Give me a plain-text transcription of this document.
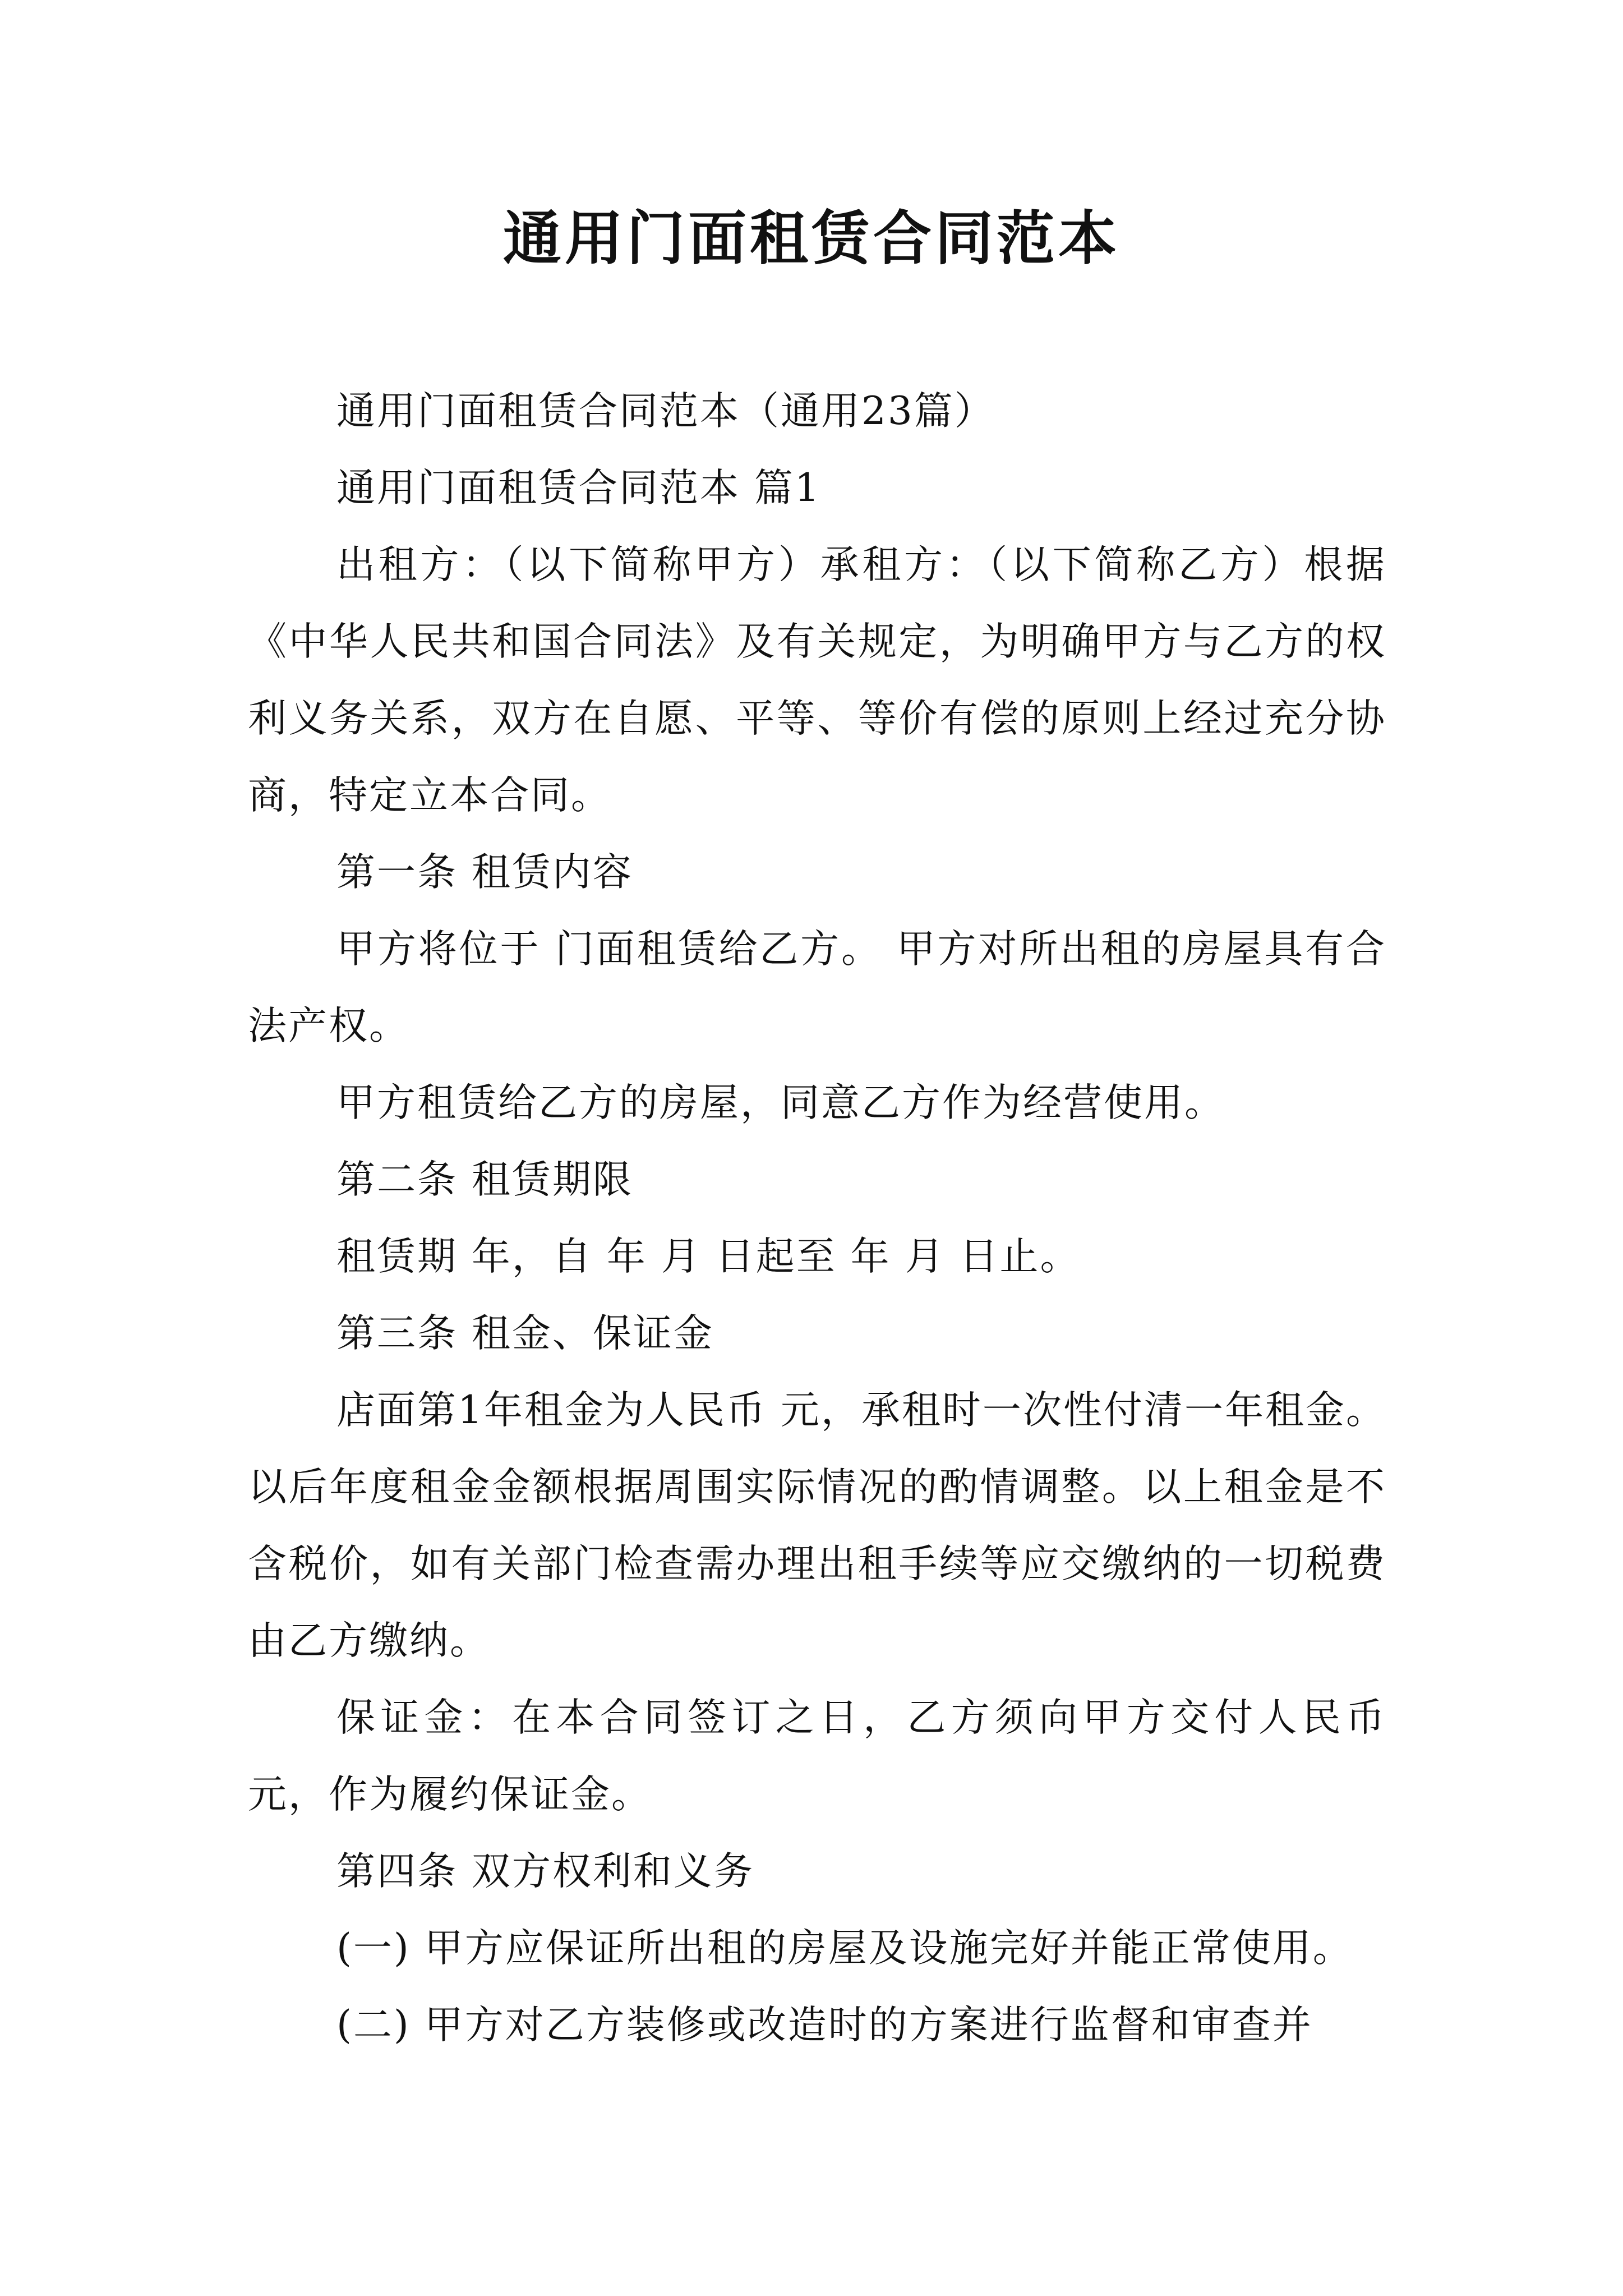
通用门面租赁合同范本

通用门面租赁合同范本（通用23篇）

通用门面租赁合同范本 篇1

出租方：（以下简称甲方）承租方：（以下简称乙方）根据《中华人民共和国合同法》及有关规定，为明确甲方与乙方的权利义务关系，双方在自愿、平等、等价有偿的原则上经过充分协商，特定立本合同。

第一条 租赁内容

甲方将位于 门面租赁给乙方。 甲方对所出租的房屋具有合法产权。

甲方租赁给乙方的房屋，同意乙方作为经营使用。

第二条 租赁期限

租赁期 年，自 年 月 日起至 年 月 日止。

第三条 租金、保证金

店面第1年租金为人民币 元，承租时一次性付清一年租金。以后年度租金金额根据周围实际情况的酌情调整。以上租金是不含税价，如有关部门检查需办理出租手续等应交缴纳的一切税费由乙方缴纳。

保证金：在本合同签订之日，乙方须向甲方交付人民币 元，作为履约保证金。

第四条 双方权利和义务

(一) 甲方应保证所出租的房屋及设施完好并能正常使用。

(二) 甲方对乙方装修或改造时的方案进行监督和审查并
